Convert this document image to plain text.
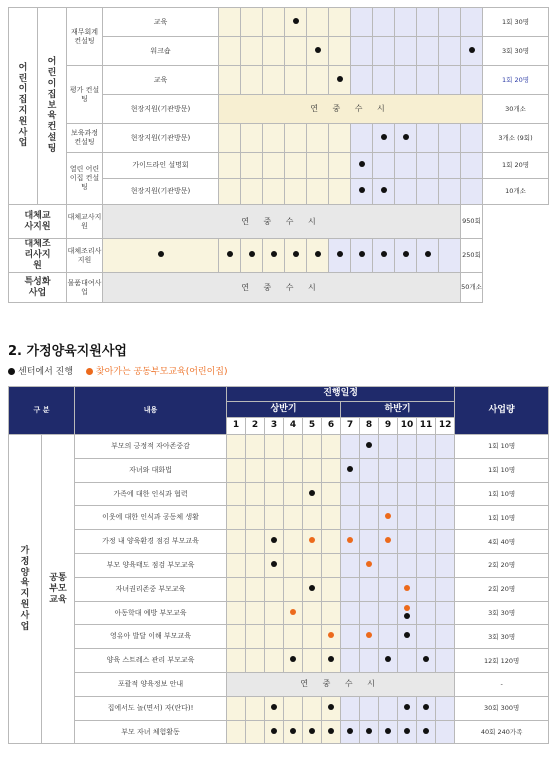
어린이집지원사업	어린이집보육컨설팅	재무회계 컨설팅	교육													1회 30명
			워크숍													3회 30명
		평가 컨설팅	교육													1회 20명
			현장지원(기관방문)	연 중 수 시												30개소
		보육과정 컨설팅	현장지원(기관방문)													3개소 (9회)
		열린 어린이집 컨설팅	가이드라인 설명회													1회 20명
			현장지원(기관방문)													10개소
대체교사지원		대체교사지원	연 중 수 시												950회	
대체조리사지원		대체조리사지원													250회	
특성화사업		물품대여사업	연 중 수 시												50개소	
2. 가정양육지원사업
센터에서 진행	찾아가는 공동부모교육(어린이집)
구 분		내용	진행일정												사업량
			상반기						하반기						
			1	2	3	4	5	6	7	8	9	10	11	12	
가정양육지원사업	공통 부모 교육	부모의 긍정적 자아존중감													1회 10명
		자녀와 대화법													1회 10명
		가족에 대한 인식과 협력													1회 10명
		이웃에 대한 인식과 공동체 생활													1회 10명
		가정 내 양육환경 점검 부모교육													4회 40명
		부모 양육태도 점검 부모교육													2회 20명
		자녀권리존중 부모교육													2회 20명
		아동학대 예방 부모교육													3회 30명
		영유아 발달 이해 부모교육													3회 30명
		양육 스트레스 관리 부모교육													12회 120명
		포괄적 양육정보 안내	연 중 수 시												-
		집에서도 놀(면서) 자(란다)!													30회 300명
		부모 자녀 체험활동													40회 240가족
